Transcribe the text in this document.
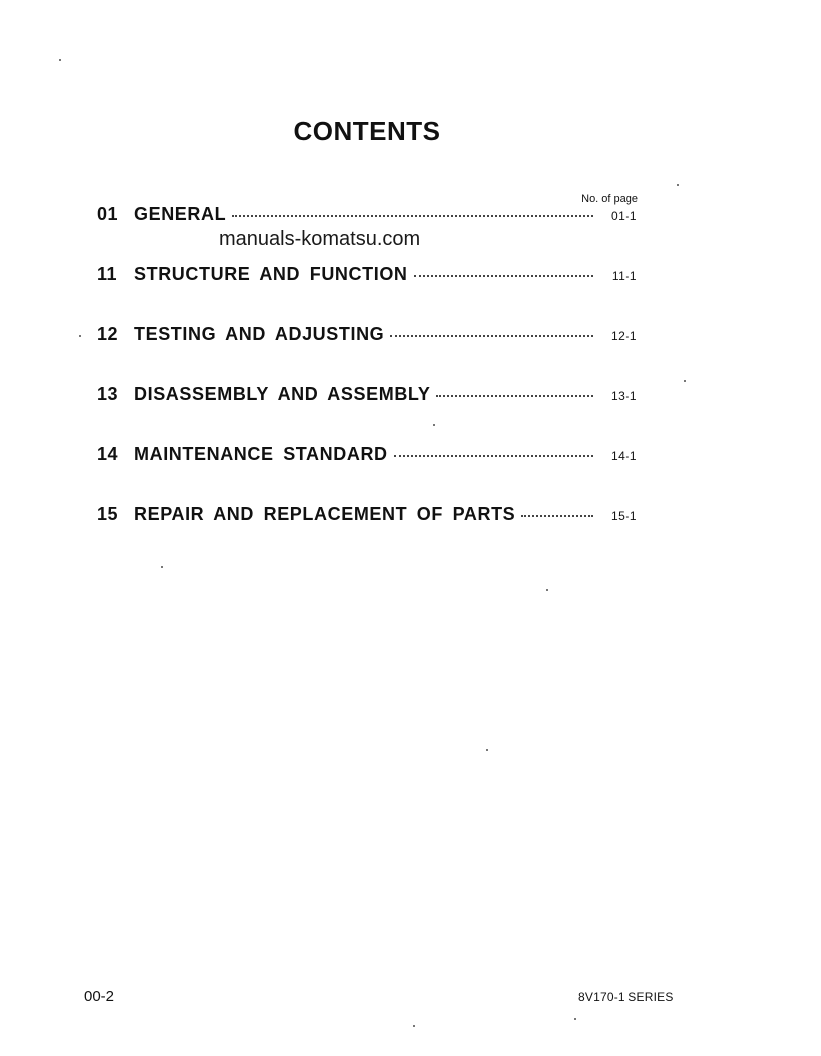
CONTENTS
No. of page
manuals-komatsu.com
01 GENERAL	01-1
11 STRUCTURE AND FUNCTION	11-1
12 TESTING AND ADJUSTING	12-1
13 DISASSEMBLY AND ASSEMBLY	13-1
14 MAINTENANCE STANDARD	14-1
15 REPAIR AND REPLACEMENT OF PARTS	15-1
00-2	8V170-1 SERIES
